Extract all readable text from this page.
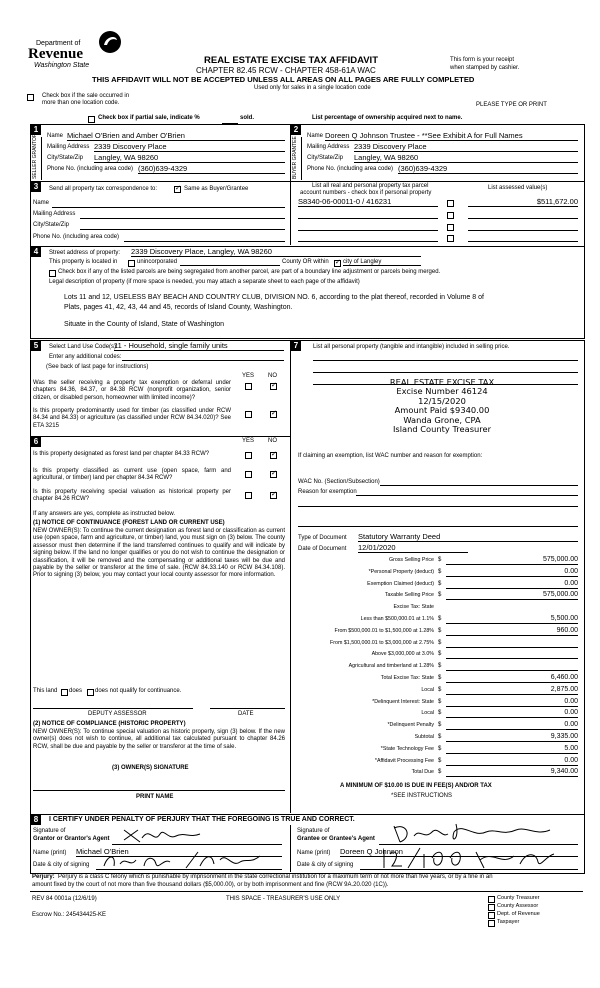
Department of
Revenue
Washington State	REAL ESTATE EXCISE TAX AFFIDAVIT
CHAPTER 82.45 RCW - CHAPTER 458-61A WAC
This form is your receipt
when stamped by cashier.
THIS AFFIDAVIT WILL NOT BE ACCEPTED UNLESS ALL AREAS ON ALL PAGES ARE FULLY COMPLETED
Used only for sales in a single location code
Check box if the sale occurred in
more than one location code.	PLEASE TYPE OR PRINT
Check box if partial sale, indicate %	sold.	List percentage of ownership acquired next to name.
1
SELLER GRANTOR Name Michael O'Brien and Amber O'Brien
Mailing Address 2339 Discovery Place
City/State/Zip Langley, WA 98260
Phone No. (including area code) (360)639-4329
2
BUYER GRANTEE
Name Doreen Q Johnson Trustee - **See Exhibit A for Full Names
Mailing Address 2339 Discovery Place
City/State/Zip Langley, WA 98260
Phone No. (including area code) (360)639-4329
3	Send all property tax correspondence to: ✓	Same as Buyer/Grantee
Name
Mailing Address
City/State/Zip
Phone No. (including area code)
List all real and personal property tax parcel
account numbers - check box if personal property
List assessed value(s)
S8340-06-00011-0 / 416231	$511,672.00
4	Street address of property: 2339 Discovery Place, Langley, WA 98260
This property is located in	unincorporated	County OR within ✓ city of Langley
Check box if any of the listed parcels are being segregated from another parcel, are part of a boundary line adjustment or parcels being merged.
Legal description of property (if more space is needed, you may attach a separate sheet to each page of the affidavit)
Lots 11 and 12, USELESS BAY BEACH AND COUNTRY CLUB, DIVISION NO. 6, according to the plat thereof, recorded in Volume 8 of
Plats, pages 41, 42, 43, 44 and 45, records of Island County, Washington.
Situate in the County of Island, State of Washington
5	Select Land Use Code(s):
11 - Household, single family units
Enter any additional codes:
(See back of last page for instructions)
YES NO
Was the seller receiving a property tax exemption or deferral under chapters 84.36, 84.37, or 84.38 RCW (nonprofit organization, senior citizen, or disabled person, homeowner with limited income)?
✓
Is this property predominantly used for timber (as classified under RCW 84.34 and 84.33) or agriculture (as classified under RCW 84.34.020)? See ETA 3215
✓
6	YES NO
Is this property designated as forest land per chapter 84.33 RCW?
✓
Is this property classified as current use (open space, farm and agricultural, or timber) land per chapter 84.34 RCW?
✓
Is this property receiving special valuation as historical property per chapter 84.26 RCW?
✓
If any answers are yes, complete as instructed below.
(1) NOTICE OF CONTINUANCE (FOREST LAND OR CURRENT USE)
NEW OWNER(S): To continue the current designation as forest land or classification as current use (open space, farm and agriculture, or timber) land, you must sign on (3) below. The county assessor must then determine if the land transferred continues to qualify and will indicate by signing below. If the land no longer qualifies or you do not wish to continue the designation or classification, it will be removed and the compensating or additional taxes will be due and payable by the seller or transferor at the time of sale. (RCW 84.33.140 or RCW 84.34.108). Prior to signing (3) below, you may contact your local county assessor for more information.
This land does does not qualify for continuance.
DEPUTY ASSESSOR	DATE
(2) NOTICE OF COMPLIANCE (HISTORIC PROPERTY)
NEW OWNER(S): To continue special valuation as historic property, sign (3) below. If the new owner(s) does not wish to continue, all additional tax calculated pursuant to chapter 84.26 RCW, shall be due and payable by the seller or transferor at the time of sale.
(3) OWNER(S) SIGNATURE
PRINT NAME
7	List all personal property (tangible and intangible) included in selling price.
REAL ESTATE EXCISE TAX
Excise Number 46124
12/15/2020
Amount Paid $9340.00
Wanda Grone, CPA
Island County Treasurer
If claiming an exemption, list WAC number and reason for exemption:
WAC No. (Section/Subsection)
Reason for exemption
Type of Document Statutory Warranty Deed
Date of Document 12/01/2020
Gross Selling Price $	575,000.00
*Personal Property (deduct) $	0.00
Exemption Claimed (deduct) $	0.00
Taxable Selling Price $	575,000.00
Excise Tax: State
Less than $500,000.01 at 1.1% $	5,500.00
From $500,000.01 to $1,500,000 at 1.28% $	960.00
From $1,500,000.01 to $3,000,000 at 2.75% $
Above $3,000,000 at 3.0% $
Agricultural and timberland at 1.28% $
Total Excise Tax: State $	6,460.00
Local $	2,875.00
*Delinquent Interest: State $	0.00
Local $	0.00
*Delinquent Penalty $	0.00
Subtotal $	9,335.00
*State Technology Fee $	5.00
*Affidavit Processing Fee $	0.00
Total Due $	9,340.00
A MINIMUM OF $10.00 IS DUE IN FEE(S) AND/OR TAX
*SEE INSTRUCTIONS
8	I CERTIFY UNDER PENALTY OF PERJURY THAT THE FOREGOING IS TRUE AND CORRECT.
Signature of
Grantor or Grantor's Agent
Name (print) Michael O'Brien
Date & city of signing
Signature of
Grantee or Grantee's Agent
Name (print) Doreen Q Johnson
Date & city of signing
Perjury: Perjury is a class C felony which is punishable by imprisonment in the state correctional institution for a maximum term of not more than five years, or by a fine in an
amount fixed by the court of not more than five thousand dollars ($5,000.00), or by both imprisonment and fine (RCW 9A.20.020 (1C)).
REV 84 0001a (12/6/19)	THIS SPACE - TREASURER'S USE ONLY
Escrow No.: 245434425-KE
County Treasurer
County Assessor
Dept. of Revenue
Taxpayer
